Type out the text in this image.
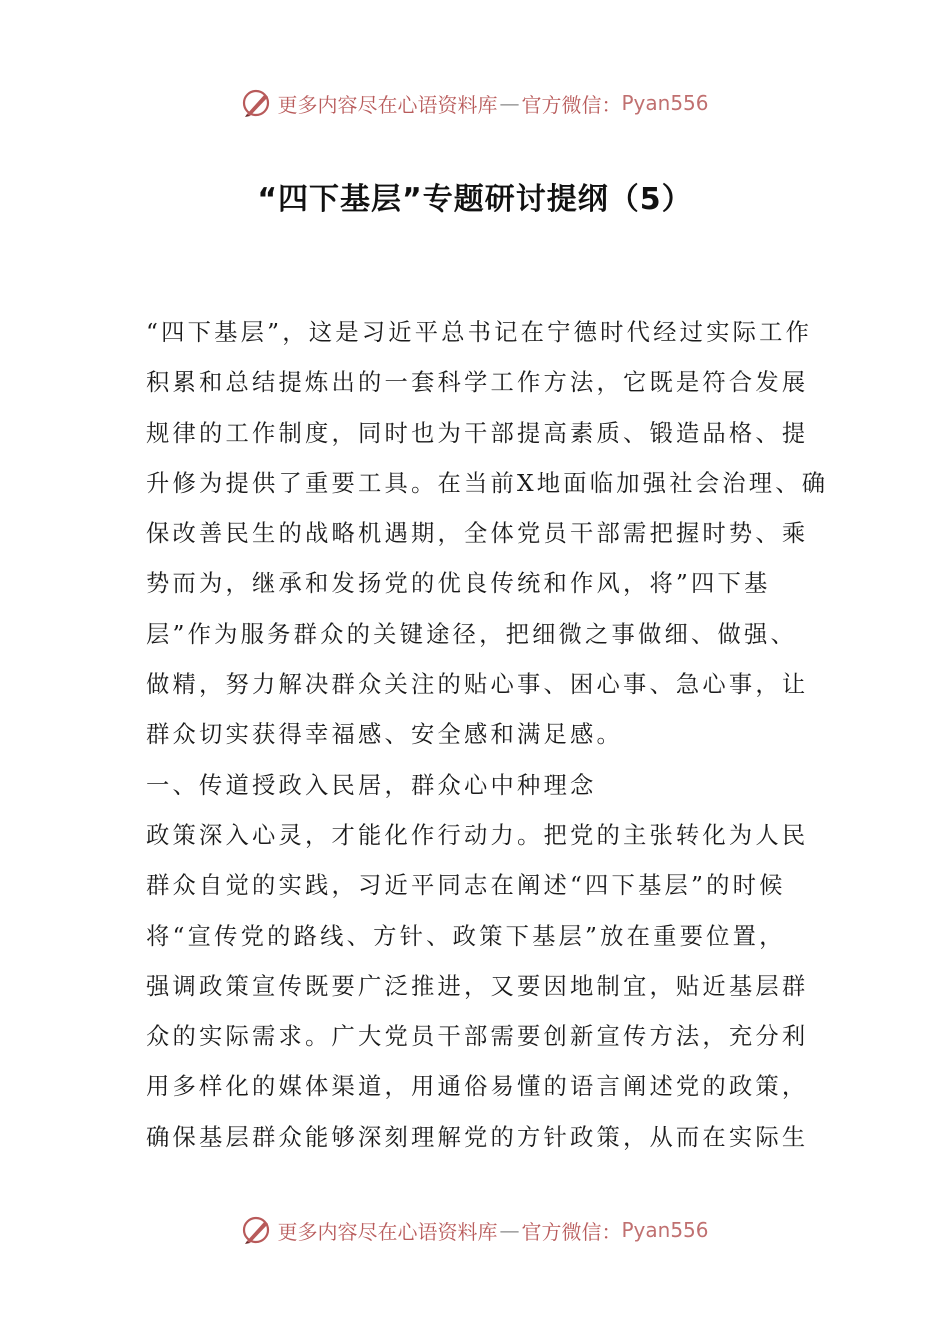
更多内容尽在心语资料库 — 官方微信： Pyan556
“四下基层”专题研讨提纲（5）
“四下基层”，这是习近平总书记在宁德时代经过实际工作
积累和总结提炼出的一套科学工作方法，它既是符合发展
规律的工作制度，同时也为干部提高素质、锻造品格、提
升修为提供了重要工具。在当前X地面临加强社会治理、确
保改善民生的战略机遇期，全体党员干部需把握时势、乘
势而为，继承和发扬党的优良传统和作风，将”四下基
层”作为服务群众的关键途径，把细微之事做细、做强、
做精，努力解决群众关注的贴心事、困心事、急心事，让
群众切实获得幸福感、安全感和满足感。
一、传道授政入民居，群众心中种理念
政策深入心灵，才能化作行动力。把党的主张转化为人民
群众自觉的实践，习近平同志在阐述“四下基层”的时候
将“宣传党的路线、方针、政策下基层”放在重要位置，
强调政策宣传既要广泛推进，又要因地制宜，贴近基层群
众的实际需求。广大党员干部需要创新宣传方法，充分利
用多样化的媒体渠道，用通俗易懂的语言阐述党的政策，
确保基层群众能够深刻理解党的方针政策，从而在实际生
更多内容尽在心语资料库 — 官方微信： Pyan556
